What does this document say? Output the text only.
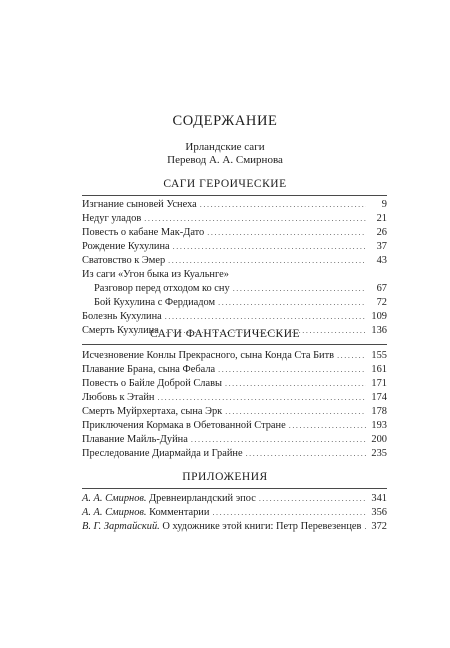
СОДЕРЖАНИЕ
Ирландские саги
Перевод А. А. Смирнова
САГИ ГЕРОИЧЕСКИЕ
Изгнание сыновей Уснеха .....	9
Недуг уладов .....	21
Повесть о кабане Мак-Дато .....	26
Рождение Кухулина .....	37
Сватовство к Эмер .....	43
Из саги «Угон быка из Куальнге»
Разговор перед отходом ко сну .....	67
Бой Кухулина с Фердиадом .....	72
Болезнь Кухулина .....	109
Смерть Кухулина .....	136
САГИ ФАНТАСТИЧЕСКИЕ
Исчезновение Конлы Прекрасного, сына Конда Ста Битв .....	155
Плавание Брана, сына Фебала .....	161
Повесть о Байле Доброй Славы .....	171
Любовь к Этайн .....	174
Смерть Муйрхертаха, сына Эрк .....	178
Приключения Кормака в Обетованной Стране .....	193
Плавание Майль-Дуйна .....	200
Преследование Диармайда и Грайне .....	235
ПРИЛОЖЕНИЯ
А. А. Смирнов. Древнеирландский эпос .....	341
А. А. Смирнов. Комментарии .....	356
В. Г. Зартайский. О художнике этой книги: Петр Перевезенцев ..... 372
